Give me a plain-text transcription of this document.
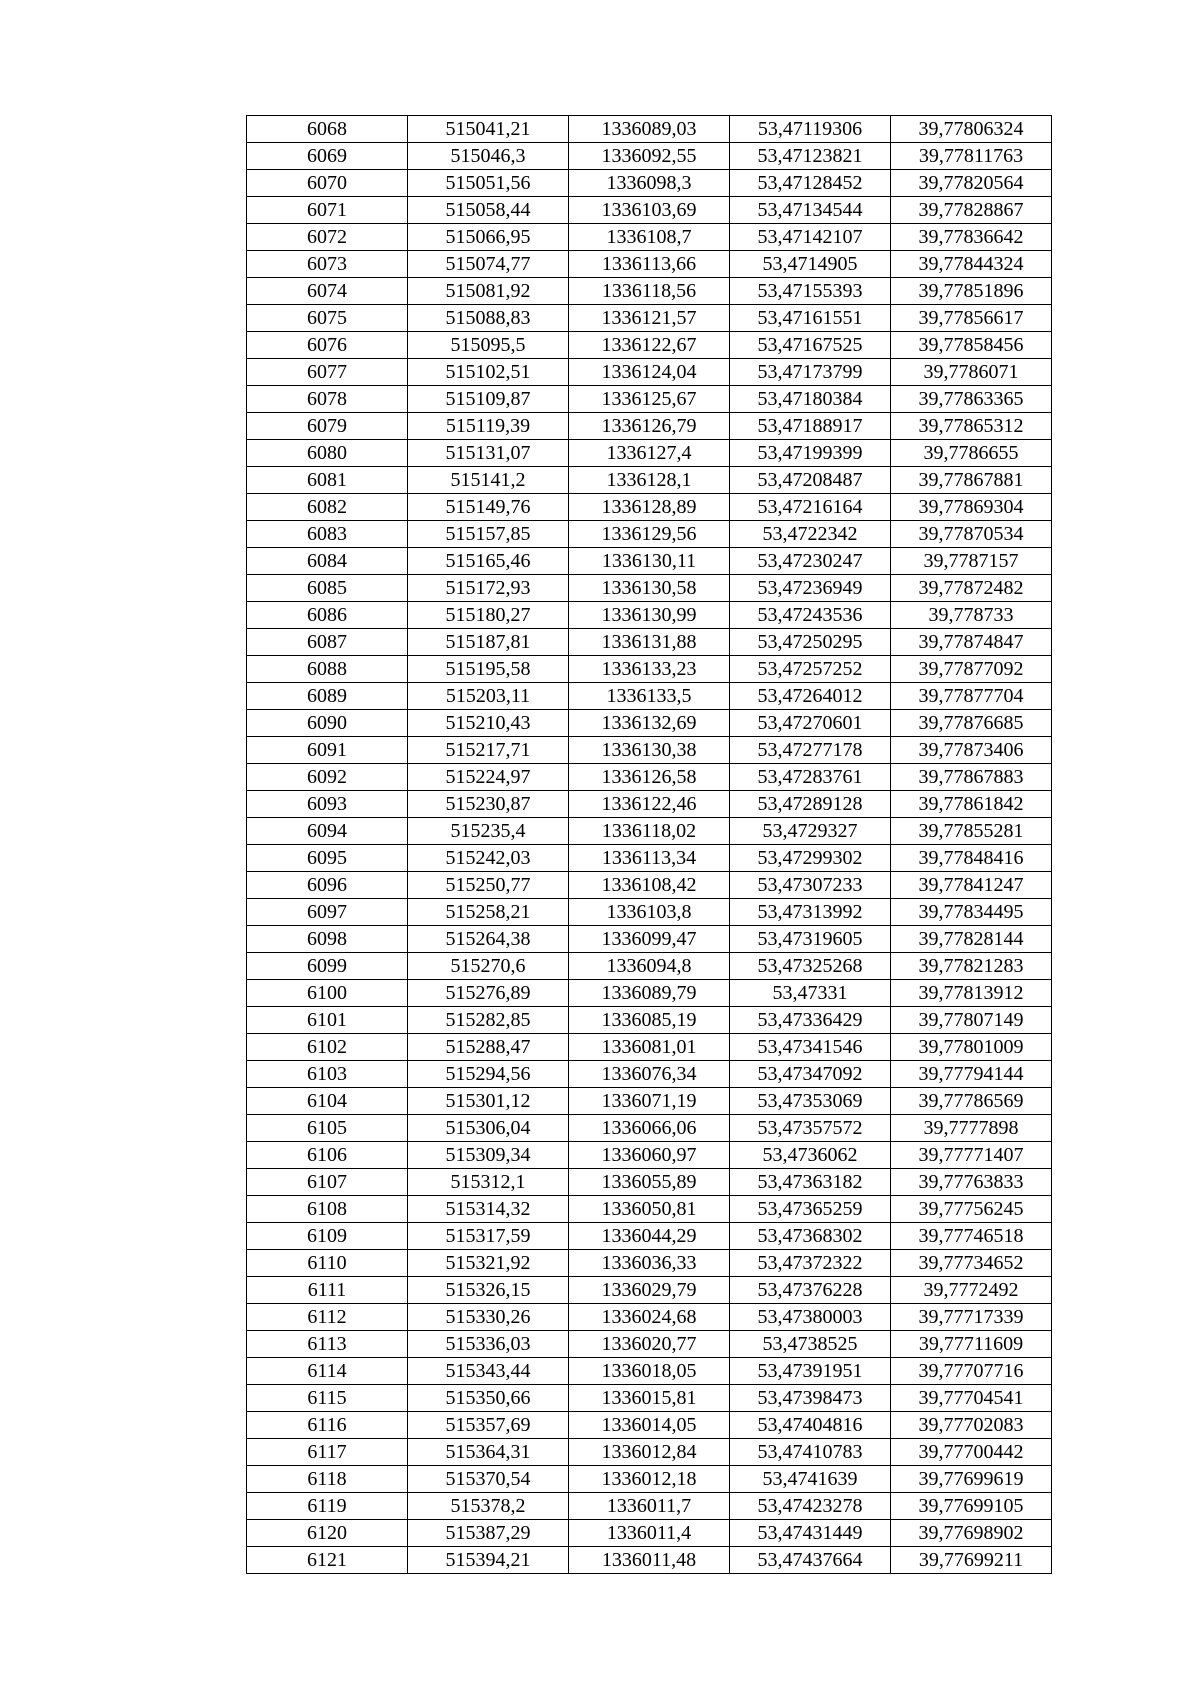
6068	515041,21	1336089,03	53,47119306	39,77806324
6069	515046,3	1336092,55	53,47123821	39,77811763
6070	515051,56	1336098,3	53,47128452	39,77820564
6071	515058,44	1336103,69	53,47134544	39,77828867
6072	515066,95	1336108,7	53,47142107	39,77836642
6073	515074,77	1336113,66	53,4714905	39,77844324
6074	515081,92	1336118,56	53,47155393	39,77851896
6075	515088,83	1336121,57	53,47161551	39,77856617
6076	515095,5	1336122,67	53,47167525	39,77858456
6077	515102,51	1336124,04	53,47173799	39,7786071
6078	515109,87	1336125,67	53,47180384	39,77863365
6079	515119,39	1336126,79	53,47188917	39,77865312
6080	515131,07	1336127,4	53,47199399	39,7786655
6081	515141,2	1336128,1	53,47208487	39,77867881
6082	515149,76	1336128,89	53,47216164	39,77869304
6083	515157,85	1336129,56	53,4722342	39,77870534
6084	515165,46	1336130,11	53,47230247	39,7787157
6085	515172,93	1336130,58	53,47236949	39,77872482
6086	515180,27	1336130,99	53,47243536	39,778733
6087	515187,81	1336131,88	53,47250295	39,77874847
6088	515195,58	1336133,23	53,47257252	39,77877092
6089	515203,11	1336133,5	53,47264012	39,77877704
6090	515210,43	1336132,69	53,47270601	39,77876685
6091	515217,71	1336130,38	53,47277178	39,77873406
6092	515224,97	1336126,58	53,47283761	39,77867883
6093	515230,87	1336122,46	53,47289128	39,77861842
6094	515235,4	1336118,02	53,4729327	39,77855281
6095	515242,03	1336113,34	53,47299302	39,77848416
6096	515250,77	1336108,42	53,47307233	39,77841247
6097	515258,21	1336103,8	53,47313992	39,77834495
6098	515264,38	1336099,47	53,47319605	39,77828144
6099	515270,6	1336094,8	53,47325268	39,77821283
6100	515276,89	1336089,79	53,47331	39,77813912
6101	515282,85	1336085,19	53,47336429	39,77807149
6102	515288,47	1336081,01	53,47341546	39,77801009
6103	515294,56	1336076,34	53,47347092	39,77794144
6104	515301,12	1336071,19	53,47353069	39,77786569
6105	515306,04	1336066,06	53,47357572	39,7777898
6106	515309,34	1336060,97	53,4736062	39,77771407
6107	515312,1	1336055,89	53,47363182	39,77763833
6108	515314,32	1336050,81	53,47365259	39,77756245
6109	515317,59	1336044,29	53,47368302	39,77746518
6110	515321,92	1336036,33	53,47372322	39,77734652
6111	515326,15	1336029,79	53,47376228	39,7772492
6112	515330,26	1336024,68	53,47380003	39,77717339
6113	515336,03	1336020,77	53,4738525	39,77711609
6114	515343,44	1336018,05	53,47391951	39,77707716
6115	515350,66	1336015,81	53,47398473	39,77704541
6116	515357,69	1336014,05	53,47404816	39,77702083
6117	515364,31	1336012,84	53,47410783	39,77700442
6118	515370,54	1336012,18	53,4741639	39,77699619
6119	515378,2	1336011,7	53,47423278	39,77699105
6120	515387,29	1336011,4	53,47431449	39,77698902
6121	515394,21	1336011,48	53,47437664	39,77699211
